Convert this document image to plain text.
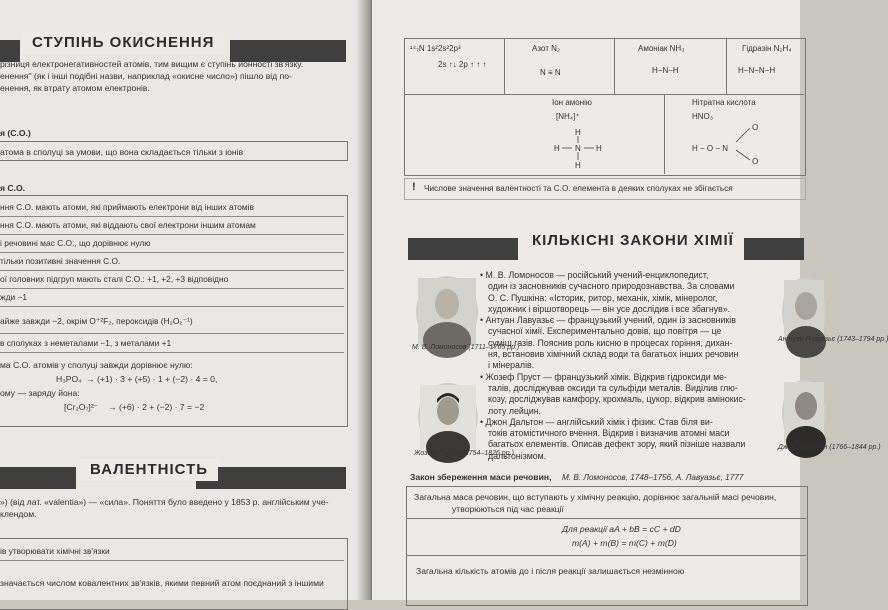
СТУПІНЬ ОКИСНЕННЯ
різниця електронегативностей атомів, тим вищим є ступінь йонності зв'язку.
енення" (як і інші подібні назви, наприклад «окисне число») пішло від по-
енення, як втрату атомом електронів.
я (С.О.)
атома в сполуці за умови, що вона складається тільки з іонів
я С.О.
ння С.О. мають атоми, які приймають електрони від інших атомів
ння С.О. мають атоми, які віддають свої електрони іншим атомам
і речовині мас С.О., що дорівнює нулю
тільки позитивні значення С.О.
ої головних підгруп мають сталі С.О.: +1, +2, +3 відповідно
жди −1
айже завжди −2, окрім O⁺²F₂, пероксидів (H₂O₂⁻¹)
в сполуках з неметалами −1, з металами +1
ма С.О. атомів у сполуці завжди дорівнює нулю:
H₃PO₄ → (+1) · 3 + (+5) · 1 + (−2) · 4 = 0,
ому — заряду йона:
[Cr₂O₇]²⁻ → (+6) · 2 + (−2) · 7 = −2
ВАЛЕНТНІСТЬ
») (від лат. «valentia») — «сила». Поняття було введено у 1853 р. англійським уче-
клендом.
ів утворювати хімічні зв'язки
значається числом ковалентних зв'язків, якими певний атом поєднаний з іншими
¹⁴₇N 1s²2s²2p³
2s ↑↓ 2p ↑ ↑ ↑
Азот N₂
N ≡ N
Амоніак NH₃
H−N−H
Гідразін N₂H₄
H−N−N−H
Іон амонію
[NH₄]⁺
H
N
H
H	H
Нітратна кислота
HNO₃
H − O − N
O
O
! Числове значення валентності та С.О. елемента в деяких сполуках не збігається
КІЛЬКІСНІ ЗАКОНИ ХІМІЇ
М. В. Ломоносов (1711–1765 рр.)
Жозеф Пруст (1754–1826 рр.)
Антуан Лавуазьє (1743–1794 рр.)
Джон Дальтон (1766–1844 рр.)
• М. В. Ломоносов — російський учений-енциклопедист,
один із засновників сучасного природознавства. За словами
О. С. Пушкіна: «Історик, ритор, механік, хімік, мінеролог,
художник і віршотворець — він усе дослідив і все збагнув».
• Антуан Лавуазьє — французький учений, один із засновників
сучасної хімії. Експериментально довів, що повітря — це
суміш газів. Пояснив роль кисню в процесах горіння, дихан-
ня, встановив хімічний склад води та багатьох інших речовин
і мінералів.
• Жозеф Пруст — французький хімік. Відкрив гідроксиди ме-
талів, досліджував оксиди та сульфіди металів. Виділив глю-
козу, досліджував камфору, крохмаль, цукор, відкрив амінокис-
лоту лейцин.
• Джон Дальтон — англійський хімік і фізик. Став біля ви-
токів атомістичного вчення. Відкрив і визначив атомні маси
багатьох елементів. Описав дефект зору, який пізніше назвали
дальтонізмом.
Закон збереження маси речовин, М. В. Ломоносов, 1748–1756, А. Лавуазьє, 1777
Загальна маса речовин, що вступають у хімічну реакцію, дорівнює загальній масі речовин,
утворюються під час реакції
Для реакції aA + bB = cC + dD
m(A) + m(B) = m(C) + m(D)
Загальна кількість атомів до і після реакції залишається незмінною
